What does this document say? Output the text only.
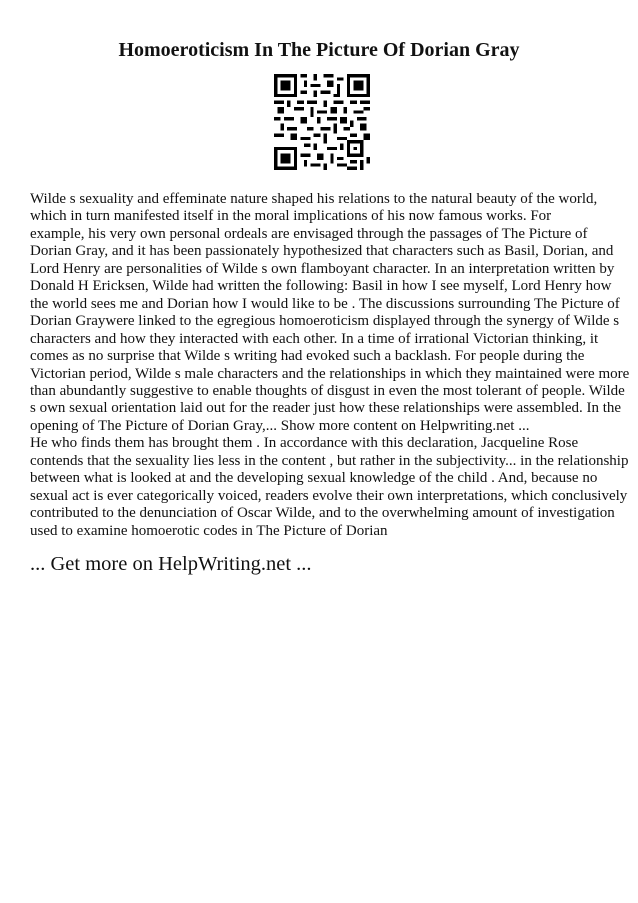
Homoeroticism In The Picture Of Dorian Gray

Wilde s sexuality and effeminate nature shaped his relations to the natural beauty of the world,
which in turn manifested itself in the moral implications of his now famous works. For
example, his very own personal ordeals are envisaged through the passages of The Picture of
Dorian Gray, and it has been passionately hypothesized that characters such as Basil, Dorian, and
Lord Henry are personalities of Wilde s own flamboyant character. In an interpretation written by
Donald H Ericksen, Wilde had written the following: Basil in how I see myself, Lord Henry how
the world sees me and Dorian how I would like to be . The discussions surrounding The Picture of
Dorian Graywere linked to the egregious homoeroticism displayed through the synergy of Wilde s
characters and how they interacted with each other. In a time of irrational Victorian thinking, it
comes as no surprise that Wilde s writing had evoked such a backlash. For people during the
Victorian period, Wilde s male characters and the relationships in which they maintained were more
than abundantly suggestive to enable thoughts of disgust in even the most tolerant of people. Wilde
s own sexual orientation laid out for the reader just how these relationships were assembled. In the
opening of The Picture of Dorian Gray,... Show more content on Helpwriting.net ...
He who finds them has brought them . In accordance with this declaration, Jacqueline Rose
contends that the sexuality lies less in the content , but rather in the subjectivity... in the relationship
between what is looked at and the developing sexual knowledge of the child . And, because no
sexual act is ever categorically voiced, readers evolve their own interpretations, which conclusively
contributed to the denunciation of Oscar Wilde, and to the overwhelming amount of investigation
used to examine homoerotic codes in The Picture of Dorian

... Get more on HelpWriting.net ...
